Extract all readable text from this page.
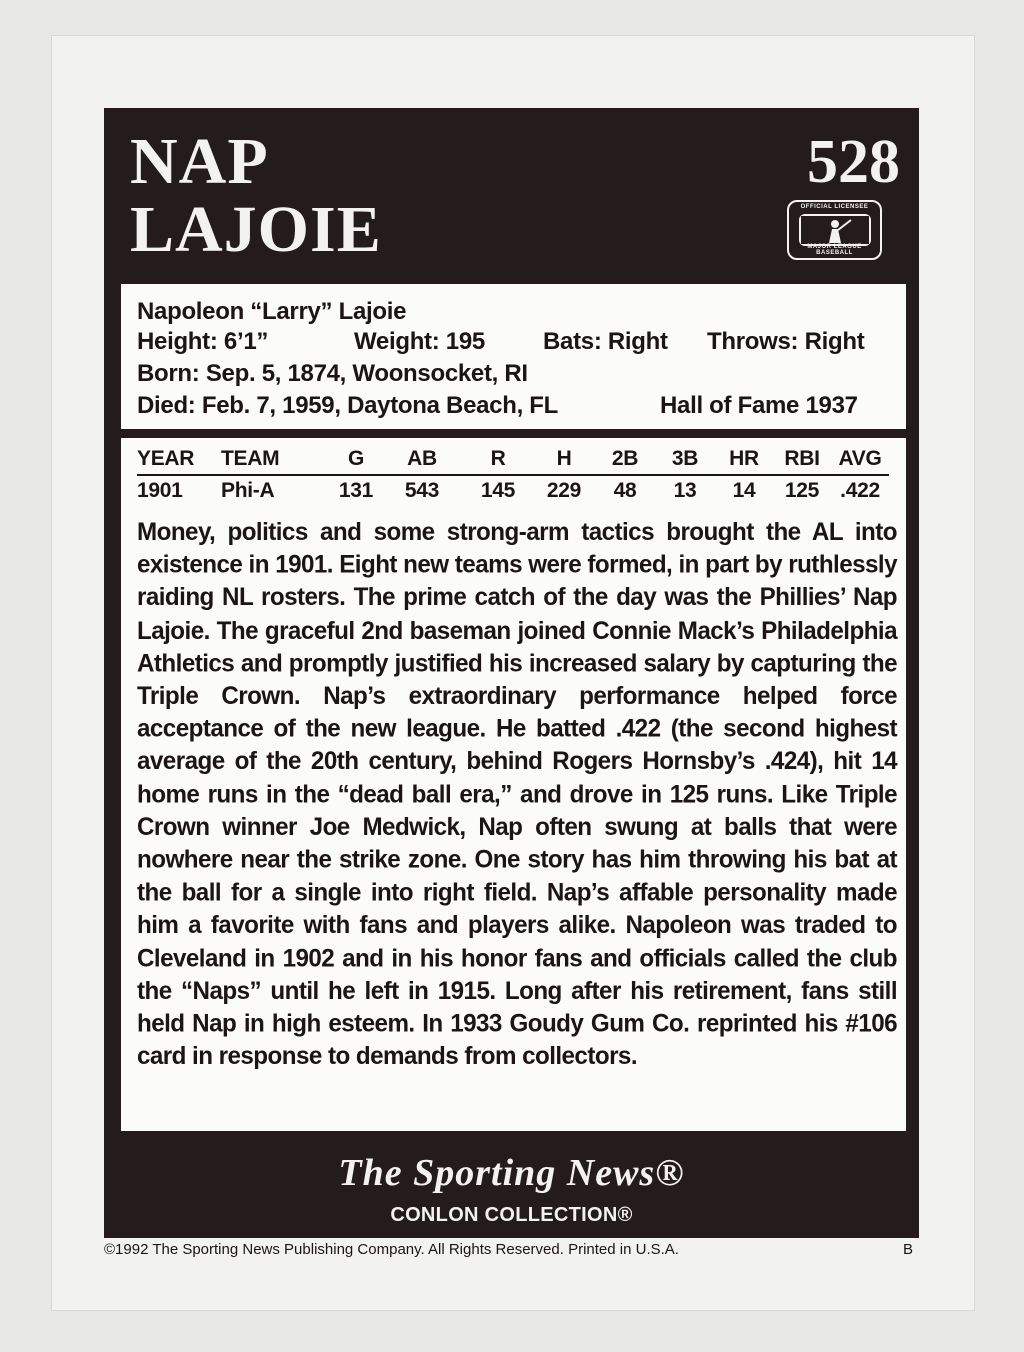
NAP
LAJOIE
528
OFFICIAL LICENSEE
MAJOR LEAGUE BASEBALL
Napoleon “Larry” Lajoie
Height: 6’1”	Weight: 195 Bats: Right Throws: Right
Born: Sep. 5, 1874, Woonsocket, RI
Died: Feb. 7, 1959, Daytona Beach, FL	Hall of Fame 1937
YEAR	TEAM	G	AB	R	H	2B	3B	HR	RBI	AVG
1901	Phi-A	131	543	145	229	48	13	14	125	.422
Money, politics and some strong-arm tactics brought the AL into existence in 1901. Eight new teams were formed, in part by ruthlessly raiding NL rosters. The prime catch of the day was the Phillies’ Nap Lajoie. The graceful 2nd baseman joined Connie Mack’s Philadelphia Athletics and promptly justified his increased salary by capturing the Triple Crown. Nap’s extraordinary performance helped force acceptance of the new league. He batted .422 (the second highest average of the 20th century, behind Rogers Hornsby’s .424), hit 14 home runs in the “dead ball era,” and drove in 125 runs. Like Triple Crown winner Joe Medwick, Nap often swung at balls that were nowhere near the strike zone. One story has him throwing his bat at the ball for a single into right field. Nap’s affable personality made him a favorite with fans and players alike. Napoleon was traded to Cleveland in 1902 and in his honor fans and officials called the club the “Naps” until he left in 1915. Long after his retirement, fans still held Nap in high esteem. In 1933 Goudy Gum Co. reprinted his #106 card in response to demands from collectors.
The Sporting News®
CONLON COLLECTION®
©1992 The Sporting News Publishing Company. All Rights Reserved. Printed in U.S.A.	B
